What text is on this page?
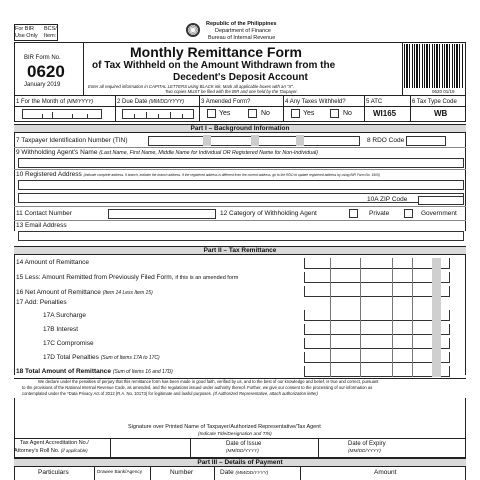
For BIR
Use Only
BCS/
Item:
Republic of the Philippines
Department of Finance
Bureau of Internal Revenue
BIR Form No.
0620
January 2019
Monthly Remittance Form
of Tax Withheld on the Amount Withdrawn from the
Decedent's Deposit Account
Enter all required information in CAPITAL LETTERS using BLACK ink. Mark all applicable boxes with an "X".
Two copies MUST be filed with the BIR and one held by the Taxpayer.	0620 01/19
1 For the Month of (MM/YYYY)	2 Due Date (MM/DD/YYYY)	3 Amended Form?	4 Any Taxes Withheld?	5 ATC	6 Tax Type Code
Yes	No	Yes	No	WI165	WB
Part I – Background Information
7 Taxpayer Identification Number (TIN)	8 RDO Code
9 Withholding Agent's Name (Last Name, First Name, Middle Name for Individual OR Registered Name for Non-Individual)
10 Registered Address (Indicate complete address. If branch, indicate the branch address. If the registered address is different from the current address, go to the RDO to update registered address by using BIR Form No. 1905)
10A ZIP Code
11 Contact Number	12 Category of Withholding Agent	Private	Government
13 Email Address
Part II – Tax Remittance
14 Amount of Remittance
15 Less: Amount Remitted from Previously Filed Form, if this is an amended form
16 Net Amount of Remittance (Item 14 Less Item 15)
17 Add: Penalties
17A Surcharge
17B Interest
17C Compromise
17D Total Penalties (Sum of Items 17A to 17C)
18 Total Amount of Remittance (Sum of Items 16 and 17D)
We declare under the penalties of perjury that this remittance form has been made in good faith, verified by us, and to the best of our knowledge and belief, is true and correct, pursuant
to the provisions of the National Internal Revenue Code, as amended, and the regulations issued under authority thereof. Further, we give our consent to the processing of our information as
contemplated under the *Data Privacy Act of 2012 (R.A. No. 10173) for legitimate and lawful purposes. (If Authorized Representative, attach authorization letter)
Signature over Printed Name of Taxpayer/Authorized Representative/Tax Agent
(Indicate Title/Designation and TIN)
Tax Agent Accreditation No./
Attorney's Roll No. (if applicable)
Date of Issue
(MM/DD/YYYY)
Date of Expiry
(MM/DD/YYYY)
Part III – Details of Payment
Particulars	Drawee Bank/Agency	Number	Date (MM/DD/YYYY)	Amount
